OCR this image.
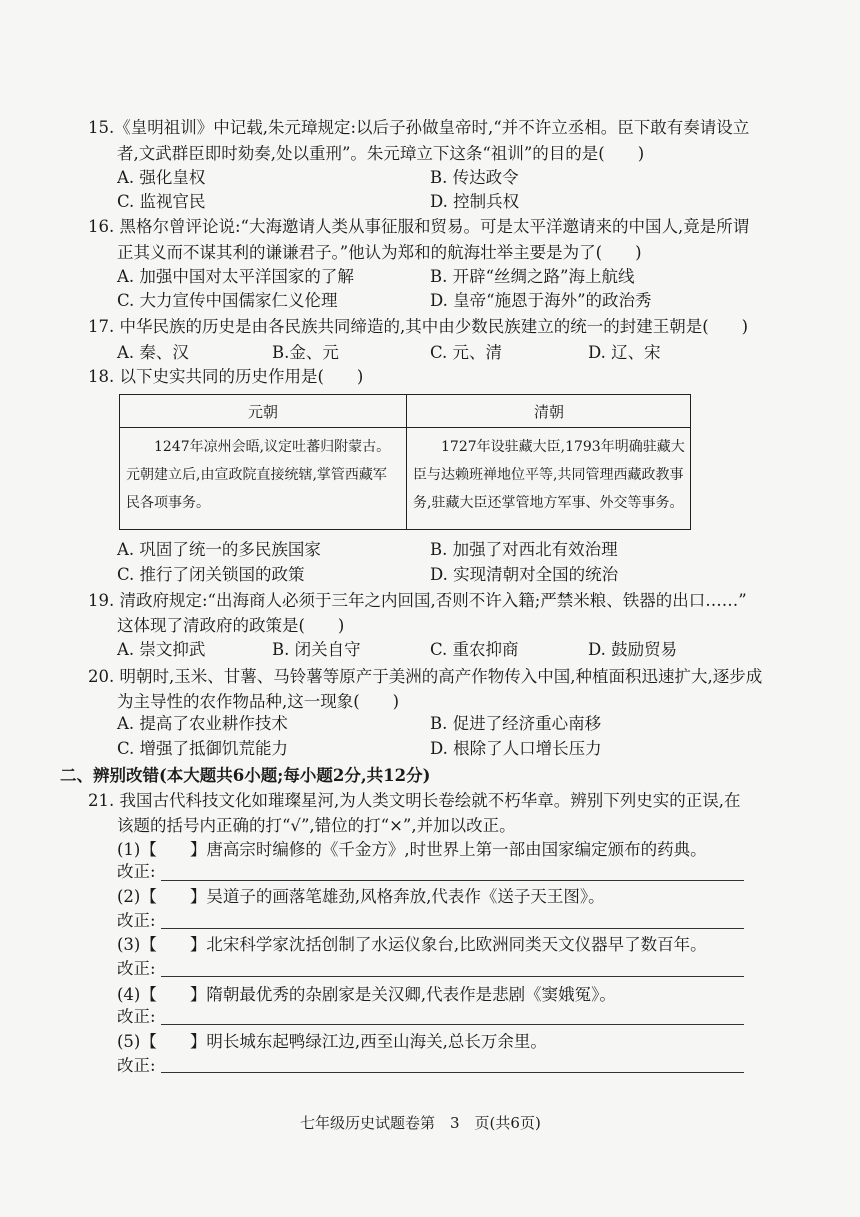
15.《皇明祖训》中记载,朱元璋规定:以后子孙做皇帝时,“并不许立丞相。臣下敢有奏请设立
者,文武群臣即时劾奏,处以重刑”。朱元璋立下这条“祖训”的目的是(　　)
A. 强化皇权	B. 传达政令
C. 监视官民	D. 控制兵权
16. 黑格尔曾评论说:“大海邀请人类从事征服和贸易。可是太平洋邀请来的中国人,竟是所谓
正其义而不谋其利的谦谦君子。”他认为郑和的航海壮举主要是为了(　　)
A. 加强中国对太平洋国家的了解	B. 开辟“丝绸之路”海上航线
C. 大力宣传中国儒家仁义伦理	D. 皇帝“施恩于海外”的政治秀
17. 中华民族的历史是由各民族共同缔造的,其中由少数民族建立的统一的封建王朝是(　　)
A. 秦、汉	B.金、元	C. 元、清	D. 辽、宋
18. 以下史实共同的历史作用是(　　)
元朝	清朝
　　1247年凉州会晤,议定吐蕃归附蒙古。元朝建立后,由宣政院直接统辖,掌管西藏军民各项事务。
　　1727年设驻藏大臣,1793年明确驻藏大臣与达赖班禅地位平等,共同管理西藏政教事务,驻藏大臣还掌管地方军事、外交等事务。
A. 巩固了统一的多民族国家	B. 加强了对西北有效治理
C. 推行了闭关锁国的政策	D. 实现清朝对全国的统治
19. 清政府规定:“出海商人必须于三年之内回国,否则不许入籍;严禁米粮、铁器的出口……”
这体现了清政府的政策是(　　)
A. 崇文抑武	B. 闭关自守	C. 重农抑商	D. 鼓励贸易
20. 明朝时,玉米、甘薯、马铃薯等原产于美洲的高产作物传入中国,种植面积迅速扩大,逐步成
为主导性的农作物品种,这一现象(　　)
A. 提高了农业耕作技术	B. 促进了经济重心南移
C. 增强了抵御饥荒能力	D. 根除了人口增长压力
二、辨别改错(本大题共6小题;每小题2分,共12分)
21. 我国古代科技文化如璀璨星河,为人类文明长卷绘就不朽华章。辨别下列史实的正误,在
该题的括号内正确的打“√”,错位的打“×”,并加以改正。
(1)【　　】唐高宗时编修的《千金方》,时世界上第一部由国家编定颁布的药典。
改正:
(2)【　　】吴道子的画落笔雄劲,风格奔放,代表作《送子天王图》。
改正:
(3)【　　】北宋科学家沈括创制了水运仪象台,比欧洲同类天文仪器早了数百年。
改正:
(4)【　　】隋朝最优秀的杂剧家是关汉卿,代表作是悲剧《窦娥冤》。
改正:
(5)【　　】明长城东起鸭绿江边,西至山海关,总长万余里。
改正:
七年级历史试题卷第　3　页(共6页)
